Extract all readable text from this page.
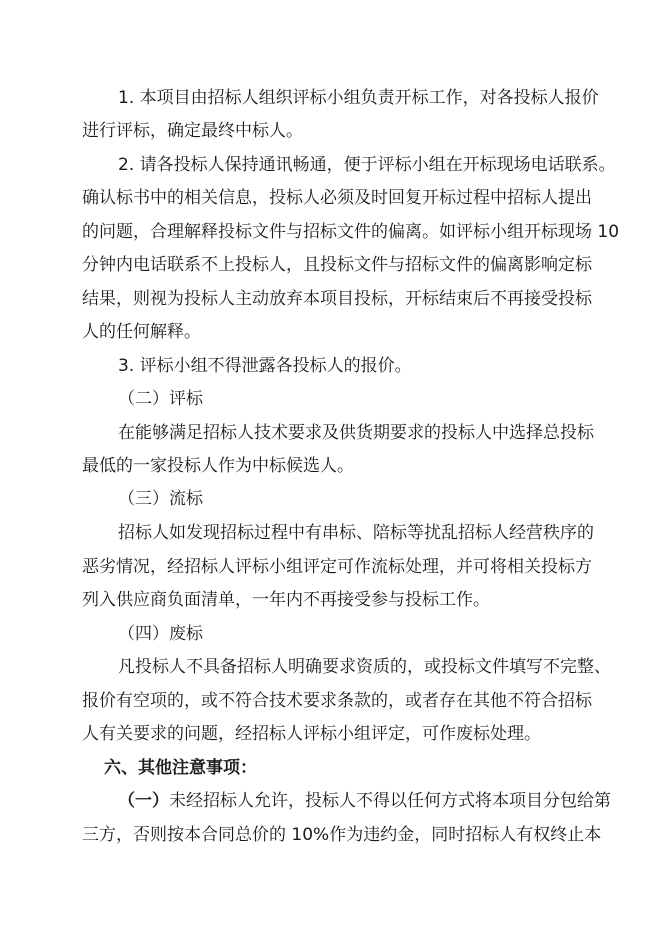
1. 本项目由招标人组织评标小组负责开标工作，对各投标人报价
进行评标，确定最终中标人。
2. 请各投标人保持通讯畅通，便于评标小组在开标现场电话联系。
确认标书中的相关信息，投标人必须及时回复开标过程中招标人提出
的问题，合理解释投标文件与招标文件的偏离。如评标小组开标现场 10
分钟内电话联系不上投标人，且投标文件与招标文件的偏离影响定标
结果，则视为投标人主动放弃本项目投标，开标结束后不再接受投标
人的任何解释。
3. 评标小组不得泄露各投标人的报价。
（二）评标
在能够满足招标人技术要求及供货期要求的投标人中选择总投标
最低的一家投标人作为中标候选人。
（三）流标
招标人如发现招标过程中有串标、陪标等扰乱招标人经营秩序的
恶劣情况，经招标人评标小组评定可作流标处理，并可将相关投标方
列入供应商负面清单，一年内不再接受参与投标工作。
（四）废标
凡投标人不具备招标人明确要求资质的，或投标文件填写不完整、
报价有空项的，或不符合技术要求条款的，或者存在其他不符合招标
人有关要求的问题，经招标人评标小组评定，可作废标处理。
六、其他注意事项：
（一）未经招标人允许，投标人不得以任何方式将本项目分包给第
三方，否则按本合同总价的 10%作为违约金，同时招标人有权终止本
